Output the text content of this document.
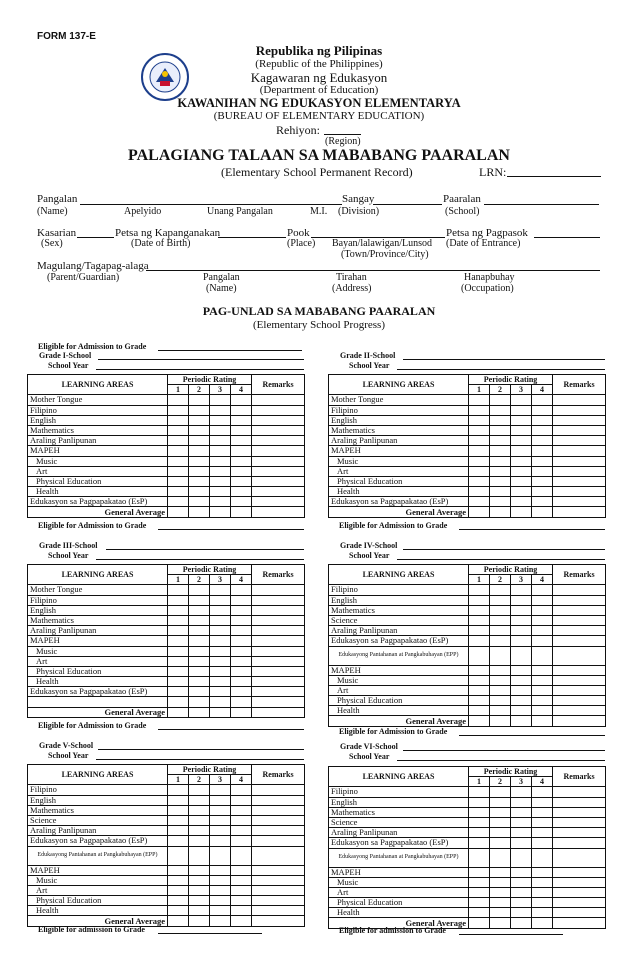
FORM 137-E
Republika ng Pilipinas
(Republic of the Philippines)
Kagawaran ng Edukasyon
(Department of Education)
KAWANIHAN NG EDUKASYON ELEMENTARYA
(BUREAU OF ELEMENTARY EDUCATION)
Rehiyon:
(Region)
PALAGIANG TALAAN SA MABABANG PAARALAN
(Elementary School Permanent Record)	LRN:
Pangalan	Sangay	Paaralan
(Name)	Apelyido	Unang Pangalan	M.I. (Division)	(School)
Kasarian	Petsa ng Kapanganakan	Pook	Petsa ng Pagpasok
(Sex)	(Date of Birth)	(Place) Bayan/lalawigan/Lunsod (Date of Entrance)
(Town/Province/City)
Magulang/Tagapag-alaga
(Parent/Guardian)	Pangalan	Tirahan	Hanapbuhay
(Name)	(Address)	(Occupation)
PAG-UNLAD SA MABABANG PAARALAN
(Elementary School Progress)
Eligible for Admission to Grade
Grade I-School
School Year
LEARNING AREAS	Periodic Rating				Remarks
	1	2	3	4	
Mother Tongue					
Filipino					
English					
Mathematics					
Araling Panlipunan					
MAPEH					
Music					
Art					
Physical Education					
Health					
Edukasyon sa Pagpapakatao (EsP)					
General Average					
Eligible for Admission to Grade
Grade II-School
School Year
LEARNING AREAS	Periodic Rating				Remarks
	1	2	3	4	
Mother Tongue					
Filipino					
English					
Mathematics					
Araling Panlipunan					
MAPEH					
Music					
Art					
Physical Education					
Health					
Edukasyon sa Pagpapakatao (EsP)					
General Average					
Eligible for Admission to Grade
Grade III-School
School Year
LEARNING AREAS	Periodic Rating				Remarks
	1	2	3	4	
Mother Tongue					
Filipino					
English					
Mathematics					
Araling Panlipunan					
MAPEH					
Music					
Art					
Physical Education					
Health					
Edukasyon sa Pagpapakatao (EsP)					

General Average					
Eligible for Admission to Grade
Grade IV-School
School Year
LEARNING AREAS	Periodic Rating				Remarks
	1	2	3	4	
Filipino					
English					
Mathematics					
Science					
Araling Panlipunan					
Edukasyon sa Pagpapakatao (EsP)					
Edukasyong Pantahanan at Pangkabuhayan (EPP)					
MAPEH					
Music					
Art					
Physical Education					
Health					
General Average					
Eligible for Admission to Grade
Grade V-School
School Year
LEARNING AREAS	Periodic Rating				Remarks
	1	2	3	4	
Filipino					
English					
Mathematics					
Science					
Araling Panlipunan					
Edukasyon sa Pagpapakatao (EsP)					
Edukasyong Pantahanan at Pangkabuhayan (EPP)					
MAPEH					
Music					
Art					
Physical Education					
Health					
General Average					
Eligible for admission to Grade
Grade VI-School
School Year
LEARNING AREAS	Periodic Rating				Remarks
	1	2	3	4	
Filipino					
English					
Mathematics					
Science					
Araling Panlipunan					
Edukasyon sa Pagpapakatao (EsP)					
Edukasyong Pantahanan at Pangkabuhayan (EPP)					
MAPEH					
Music					
Art					
Physical Education					
Health					
General Average					
Eligible for admission to Grade
